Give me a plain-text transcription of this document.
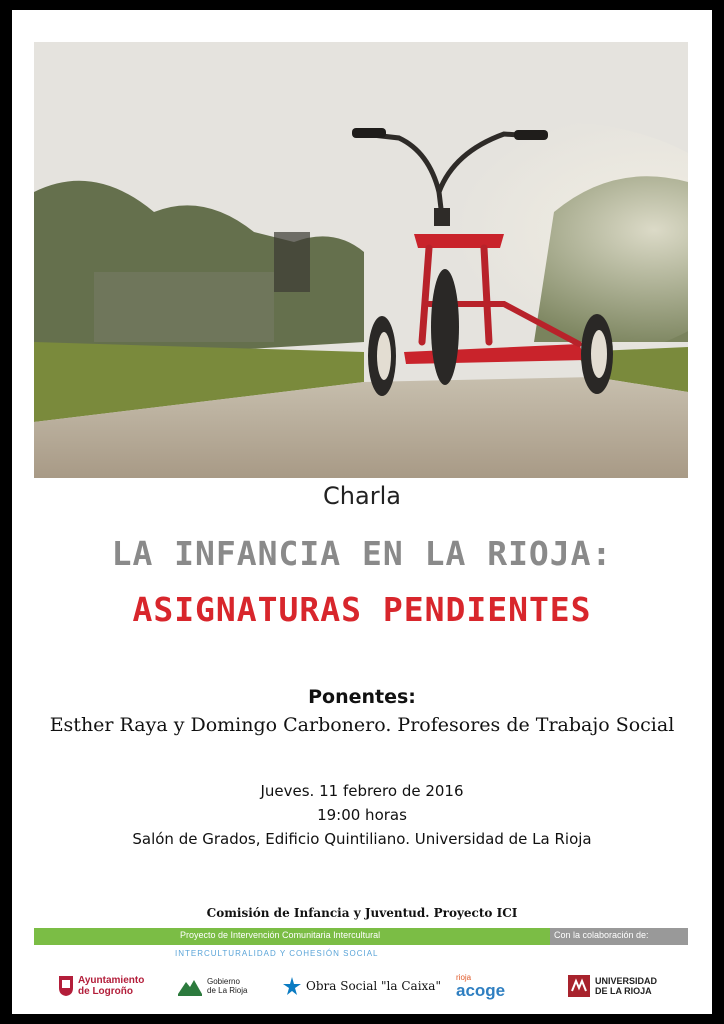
Charla
LA INFANCIA EN LA RIOJA:
ASIGNATURAS PENDIENTES
Ponentes:
Esther Raya y Domingo Carbonero. Profesores de Trabajo Social
Jueves. 11 febrero de 2016
19:00 horas
Salón de Grados, Edificio Quintiliano. Universidad de La Rioja
Comisión de Infancia y Juventud. Proyecto ICI
Proyecto de Intervención Comunitaria Intercultural	Con la colaboración de:
INTERCULTURALIDAD Y COHESIÓN SOCIAL
Ayuntamiento
de Logroño
Gobierno
de La Rioja	Obra Social "la Caixa"
rioja
acoge	UNIVERSIDAD
DE LA RIOJA
